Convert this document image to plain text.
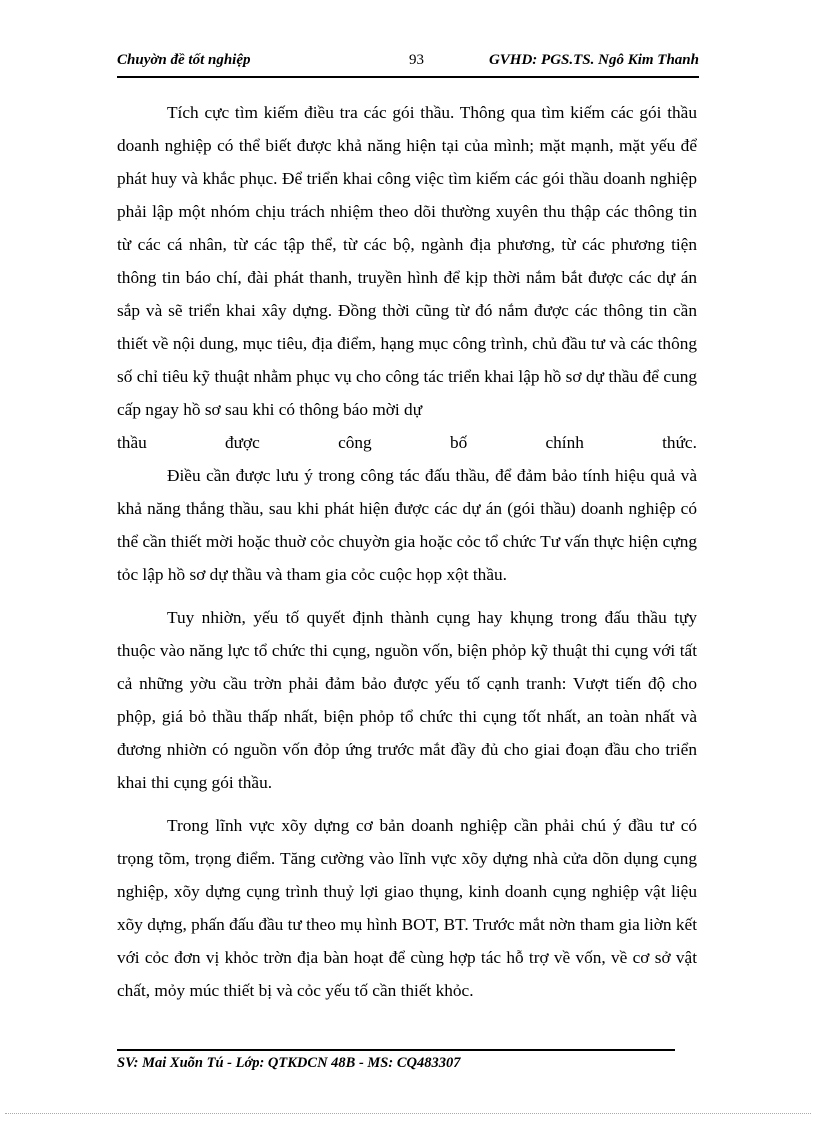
Chuyờn đề tốt nghiệp	93	GVHD: PGS.TS. Ngô Kim Thanh

Tích cực tìm kiếm điều tra các gói thầu. Thông qua tìm kiếm các gói thầu doanh nghiệp có thể biết được khả năng hiện tại của mình; mặt mạnh, mặt yếu để phát huy và khắc phục. Để triển khai công việc tìm kiếm các gói thầu doanh nghiệp phải lập một nhóm chịu trách nhiệm theo dõi thường xuyên thu thập các thông tin từ các cá nhân, từ các tập thể, từ các bộ, ngành địa phương, từ các phương tiện thông tin báo chí, đài phát thanh, truyền hình để kịp thời nắm bắt được các dự án sắp và sẽ triển khai xây dựng. Đồng thời cũng từ đó nắm được các thông tin cần thiết về nội dung, mục tiêu, địa điểm, hạng mục công trình, chủ đầu tư và các thông số chỉ tiêu kỹ thuật nhằm phục vụ cho công tác triển khai lập hồ sơ dự thầu để cung cấp ngay hồ sơ sau khi có thông báo mời dự

thầu	được	công	bố	chính	thức.

Điều cần được lưu ý trong công tác đấu thầu, để đảm bảo tính hiệu quả và khả năng thắng thầu, sau khi phát hiện được các dự án (gói thầu) doanh nghiệp có thể cần thiết mời hoặc thuờ cỏc chuyờn gia hoặc cỏc tổ chức Tư vấn thực hiện cựng tỏc lập hồ sơ dự thầu và tham gia cỏc cuộc họp xột thầu.

Tuy nhiờn, yếu tố quyết định thành cụng hay khụng trong đấu thầu tựy thuộc vào năng lực tổ chức thi cụng, nguồn vốn, biện phỏp kỹ thuật thi cụng với tất cả những yờu cầu trờn phải đảm bảo được yếu tố cạnh tranh: Vượt tiến độ cho phộp, giá bỏ thầu thấp nhất, biện phỏp tổ chức thi cụng tốt nhất, an toàn nhất và đương nhiờn có nguồn vốn đỏp ứng trước mắt đầy đủ cho giai đoạn đầu cho triển khai thi cụng gói thầu.

Trong lĩnh vực xõy dựng cơ bản doanh nghiệp cần phải chú ý đầu tư có trọng tõm, trọng điểm. Tăng cường vào lĩnh vực xõy dựng nhà cửa dõn dụng cụng nghiệp, xõy dựng cụng trình thuỷ lợi giao thụng, kinh doanh cụng nghiệp vật liệu xõy dựng, phấn đấu đầu tư theo mụ hình BOT, BT. Trước mắt nờn tham gia liờn kết với cỏc đơn vị khỏc trờn địa bàn hoạt để cùng hợp tác hỗ trợ về vốn, về cơ sở vật chất, mỏy múc thiết bị và cỏc yếu tố cần thiết khỏc.

SV: Mai Xuõn Tú - Lớp: QTKDCN 48B - MS: CQ483307
